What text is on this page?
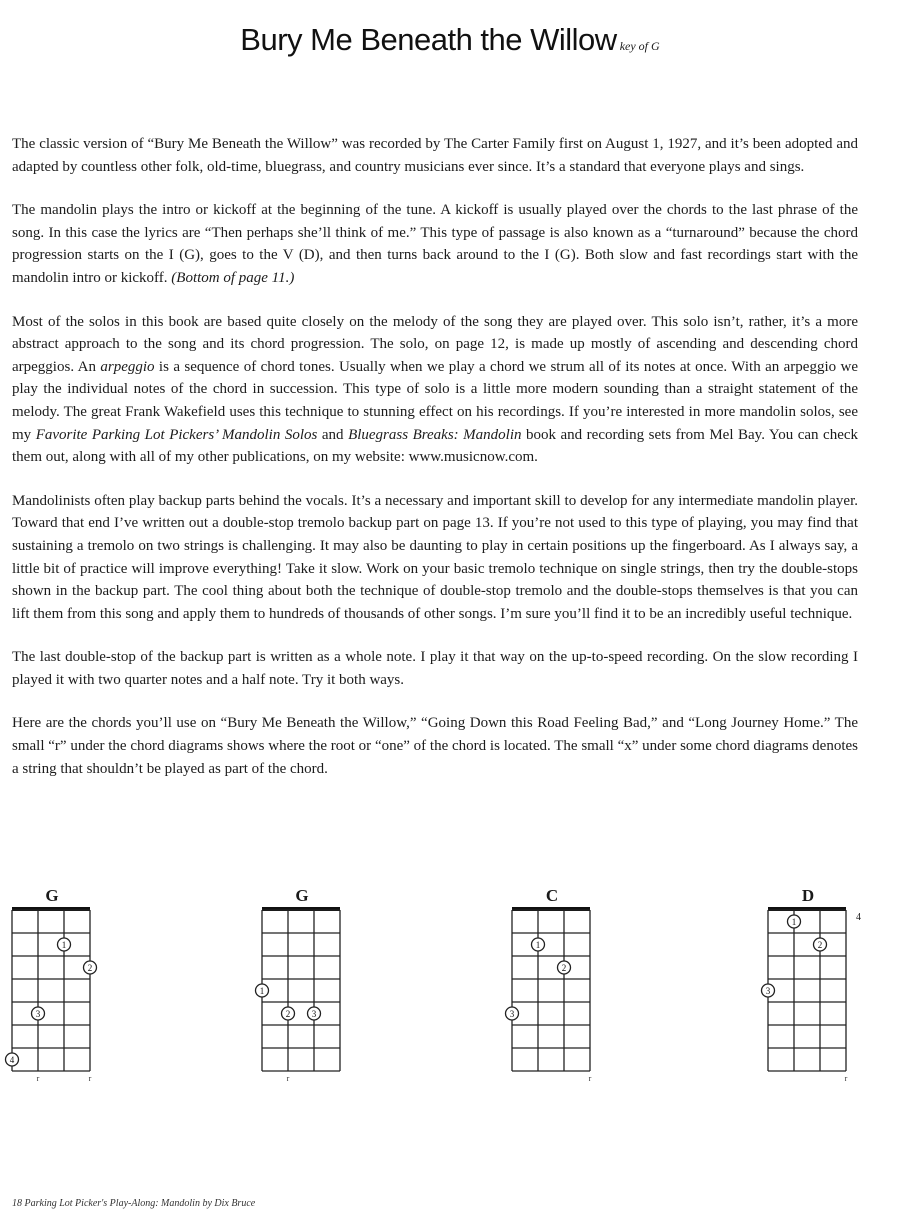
Bury Me Beneath the Willow key of G

The classic version of “Bury Me Beneath the Willow” was recorded by The Carter Family first on August 1, 1927, and it’s been adopted and adapted by countless other folk, old-time, bluegrass, and country musicians ever since. It’s a standard that everyone plays and sings.

The mandolin plays the intro or kickoff at the beginning of the tune. A kickoff is usually played over the chords to the last phrase of the song. In this case the lyrics are “Then perhaps she’ll think of me.” This type of passage is also known as a “turnaround” because the chord progression starts on the I (G), goes to the V (D), and then turns back around to the I (G). Both slow and fast recordings start with the mandolin intro or kickoff. (Bottom of page 11.)

Most of the solos in this book are based quite closely on the melody of the song they are played over. This solo isn’t, rather, it’s a more abstract approach to the song and its chord progression. The solo, on page 12, is made up mostly of ascending and descending chord arpeggios. An arpeggio is a sequence of chord tones. Usually when we play a chord we strum all of its notes at once. With an arpeggio we play the individual notes of the chord in succession. This type of solo is a little more modern sounding than a straight statement of the melody. The great Frank Wakefield uses this technique to stunning effect on his recordings. If you’re interested in more mandolin solos, see my Favorite Parking Lot Pickers’ Mandolin Solos and Bluegrass Breaks: Mandolin book and recording sets from Mel Bay. You can check them out, along with all of my other publications, on my website: www.musicnow.com.

Mandolinists often play backup parts behind the vocals. It’s a necessary and important skill to develop for any intermediate mandolin player. Toward that end I’ve written out a double-stop tremolo backup part on page 13. If you’re not used to this type of playing, you may find that sustaining a tremolo on two strings is challenging. It may also be daunting to play in certain positions up the fingerboard. As I always say, a little bit of practice will improve everything! Take it slow. Work on your basic tremolo technique on single strings, then try the double-stops shown in the backup part. The cool thing about both the technique of double-stop tremolo and the double-stops themselves is that you can lift them from this song and apply them to hundreds of thousands of other songs. I’m sure you’ll find it to be an incredibly useful technique.

The last double-stop of the backup part is written as a whole note. I play it that way on the up-to-speed recording. On the slow recording I played it with two quarter notes and a half note. Try it both ways.

Here are the chords you’ll use on “Bury Me Beneath the Willow,” “Going Down this Road Feeling Bad,” and “Long Journey Home.” The small “r” under the chord diagrams shows where the root or “one” of the chord is located. The small “x” under some chord diagrams denotes a string that shouldn’t be played as part of the chord.

G
1
2
3
4
r	r
G
1
2 3
r
C
1
2
3
r
D
1
2
3
r
4
18 Parking Lot Picker's Play-Along: Mandolin by Dix Bruce
